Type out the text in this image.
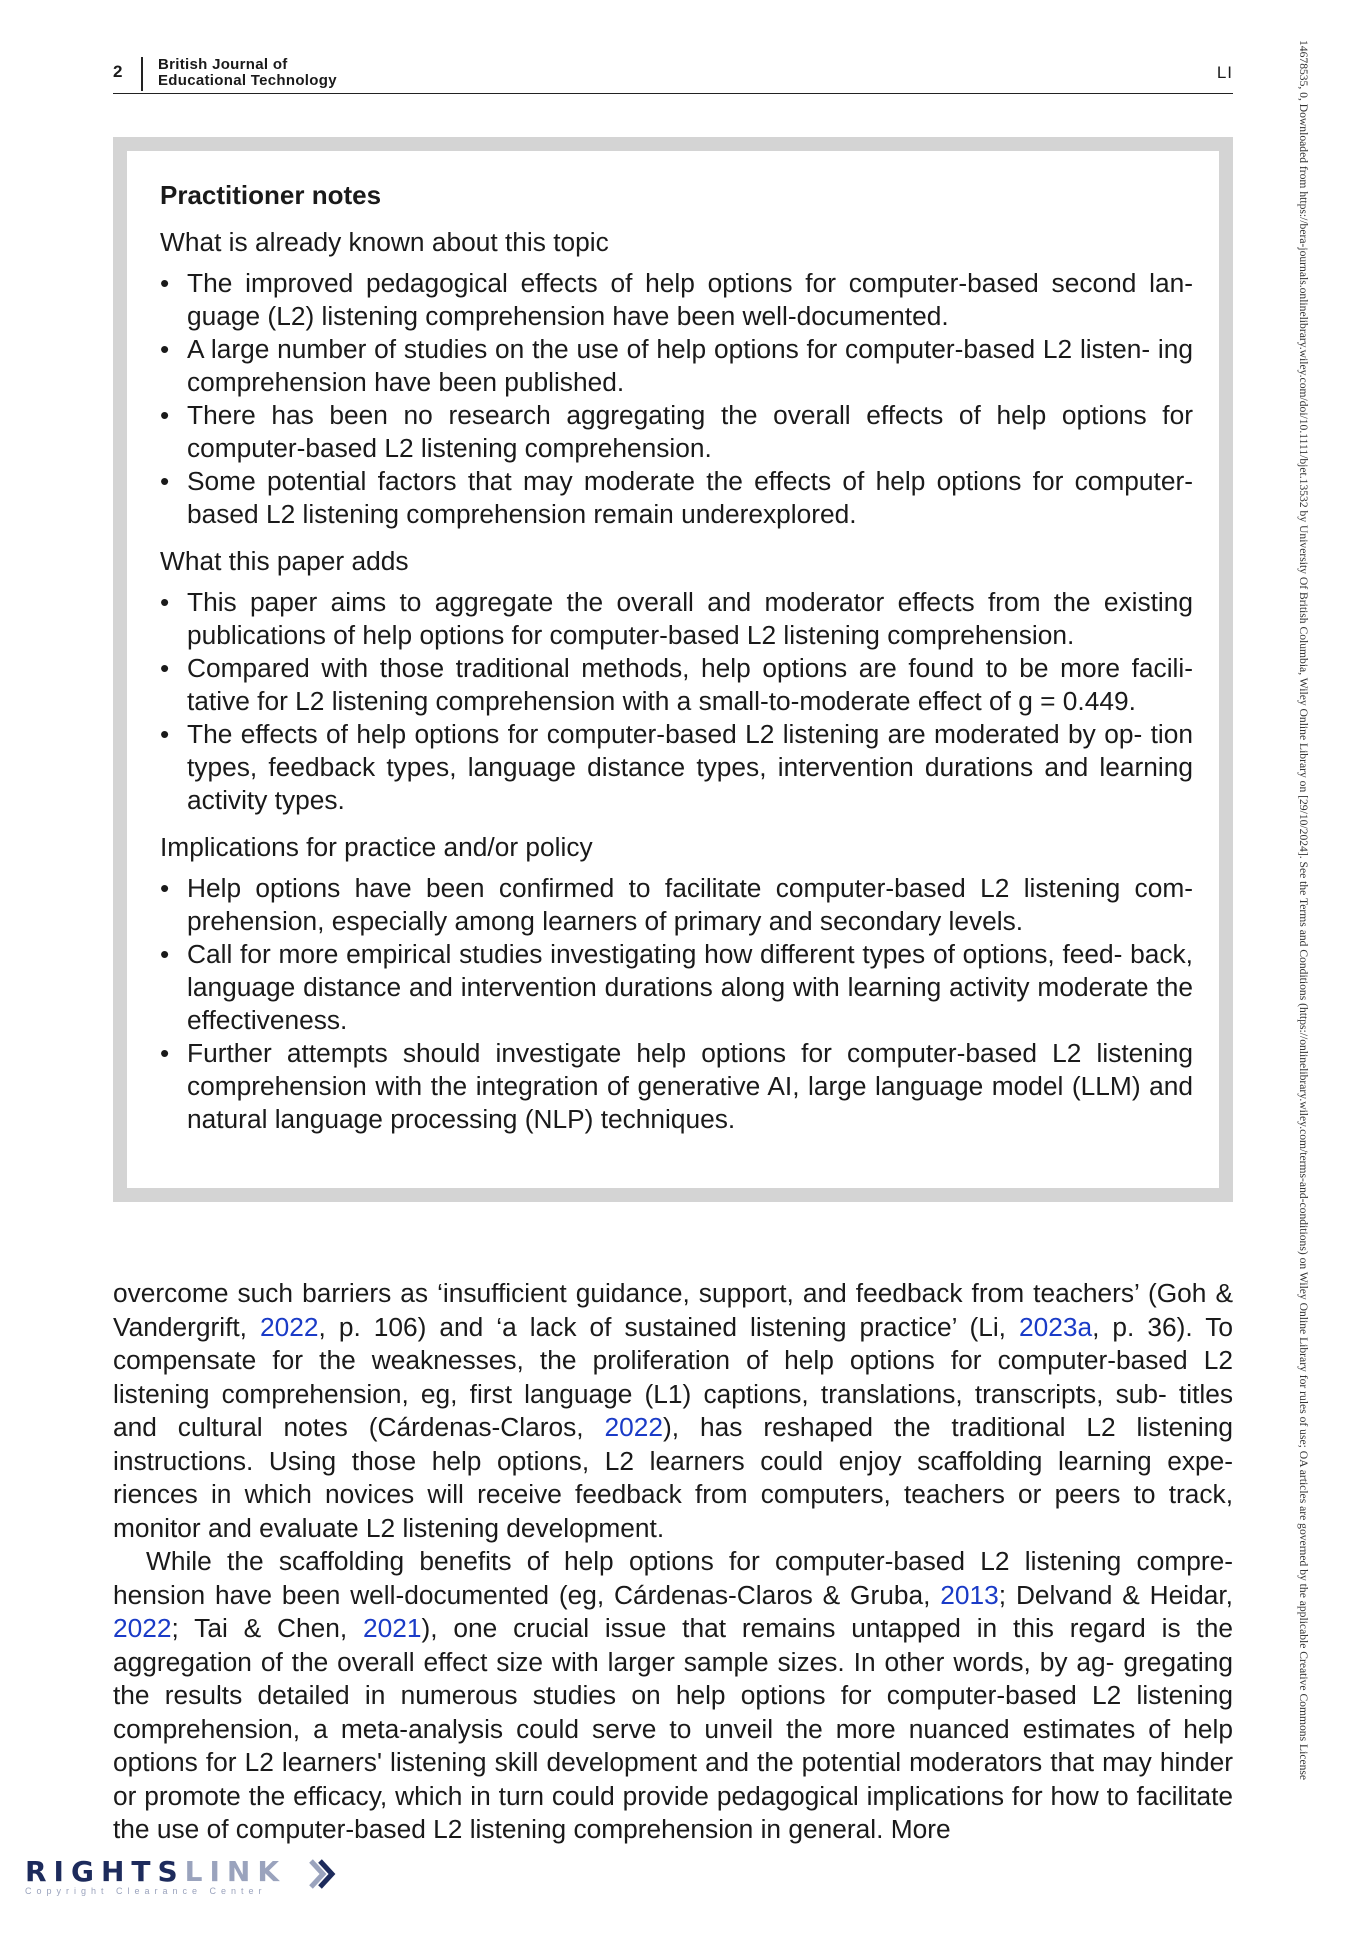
2 British Journal of
Educational Technology	LI	14678535, 0, Downloaded from https://bera-journals.onlinelibrary.wiley.com/doi/10.1111/bjet.13532 by University Of British Columbia, Wiley Online Library on [29/10/2024]. See the Terms and Conditions (https://onlinelibrary.wiley.com/terms-and-conditions) on Wiley Online Library for rules of use; OA articles are governed by the applicable Creative Commons License
Practitioner notes
What is already known about this topic
• The improved pedagogical effects of help options for computer-based second lan- guage (L2) listening comprehension have been well-documented.
• A large number of studies on the use of help options for computer-based L2 listen- ing comprehension have been published.
• There has been no research aggregating the overall effects of help options for computer-based L2 listening comprehension.
• Some potential factors that may moderate the effects of help options for computer- based L2 listening comprehension remain underexplored.
What this paper adds
• This paper aims to aggregate the overall and moderator effects from the existing publications of help options for computer-based L2 listening comprehension.
• Compared with those traditional methods, help options are found to be more facili- tative for L2 listening comprehension with a small-to-moderate effect of g = 0.449.
• The effects of help options for computer-based L2 listening are moderated by op- tion types, feedback types, language distance types, intervention durations and learning activity types.
Implications for practice and/or policy
• Help options have been confirmed to facilitate computer-based L2 listening com- prehension, especially among learners of primary and secondary levels.
• Call for more empirical studies investigating how different types of options, feed- back, language distance and intervention durations along with learning activity moderate the effectiveness.
• Further attempts should investigate help options for computer-based L2 listening comprehension with the integration of generative AI, large language model (LLM) and natural language processing (NLP) techniques.

overcome such barriers as ‘insufficient guidance, support, and feedback from teachers’ (Goh & Vandergrift, 2022, p. 106) and ‘a lack of sustained listening practice’ (Li, 2023a, p. 36). To compensate for the weaknesses, the proliferation of help options for computer-based L2 listening comprehension, eg, first language (L1) captions, translations, transcripts, sub- titles and cultural notes (Cárdenas-Claros, 2022), has reshaped the traditional L2 listening instructions. Using those help options, L2 learners could enjoy scaffolding learning expe- riences in which novices will receive feedback from computers, teachers or peers to track, monitor and evaluate L2 listening development.

While the scaffolding benefits of help options for computer-based L2 listening compre- hension have been well-documented (eg, Cárdenas-Claros & Gruba, 2013; Delvand & Heidar, 2022; Tai & Chen, 2021), one crucial issue that remains untapped in this regard is the aggregation of the overall effect size with larger sample sizes. In other words, by ag- gregating the results detailed in numerous studies on help options for computer-based L2 listening comprehension, a meta-analysis could serve to unveil the more nuanced estimates of help options for L2 learners' listening skill development and the potential moderators that may hinder or promote the efficacy, which in turn could provide pedagogical implications for how to facilitate the use of computer-based L2 listening comprehension in general. More

RIGHTSLINK
Copyright Clearance Center
